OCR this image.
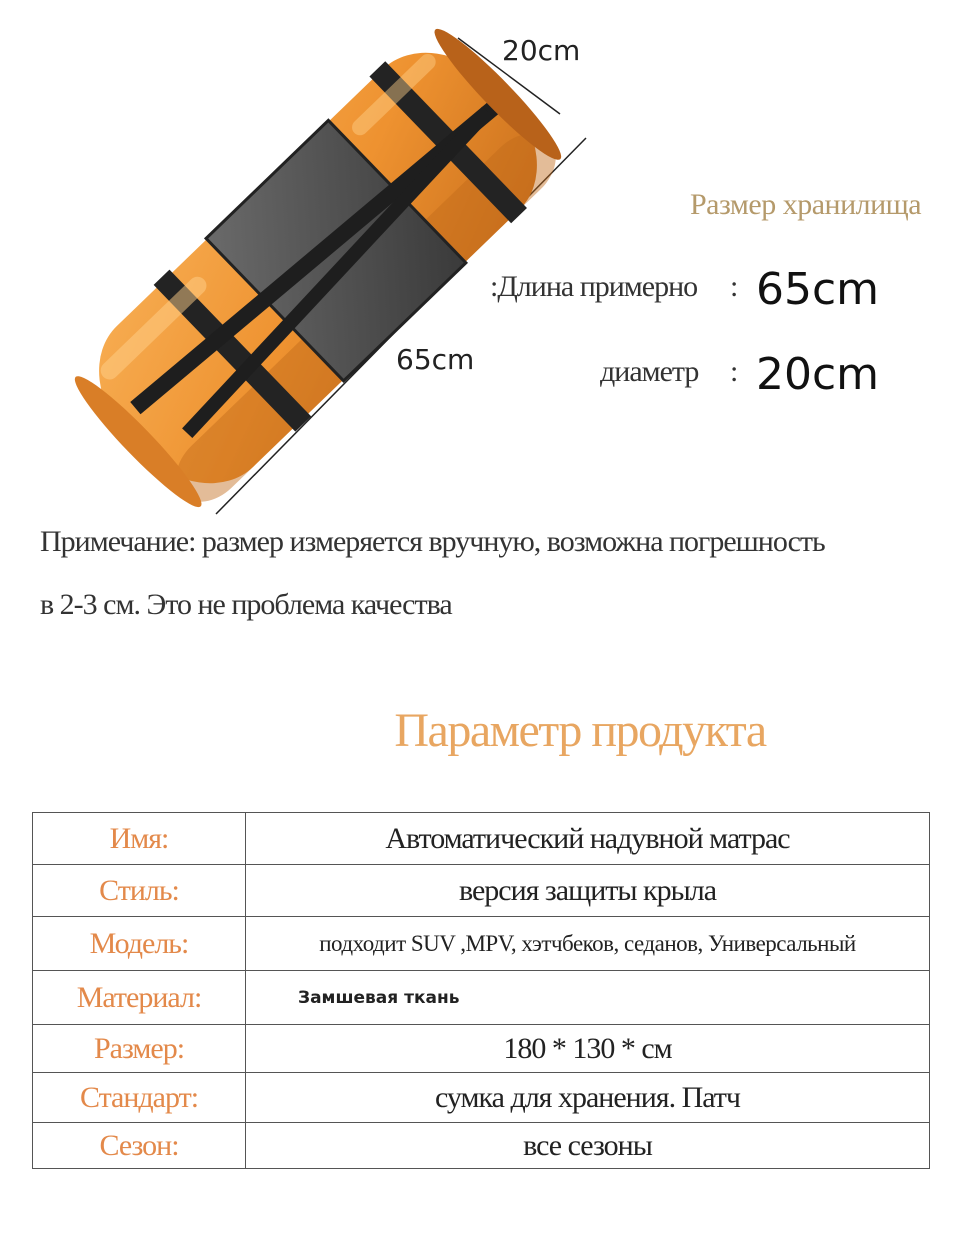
20cm
65cm
Размер хранилища
:Длина примерно : 65cm
диаметр : 20cm
Примечание: размер измеряется вручную, возможна погрешность
в 2-3 см. Это не проблема качества
Параметр продукта
Имя:	Автоматический надувной матрас
Стиль:	версия защиты крыла
Модель:	подходит SUV ,MPV, хэтчбеков, седанов, Универсальный
Материал:	Замшевая ткань
Размер:	180 * 130 * см
Стандарт:	сумка для хранения. Патч
Сезон:	все сезоны
